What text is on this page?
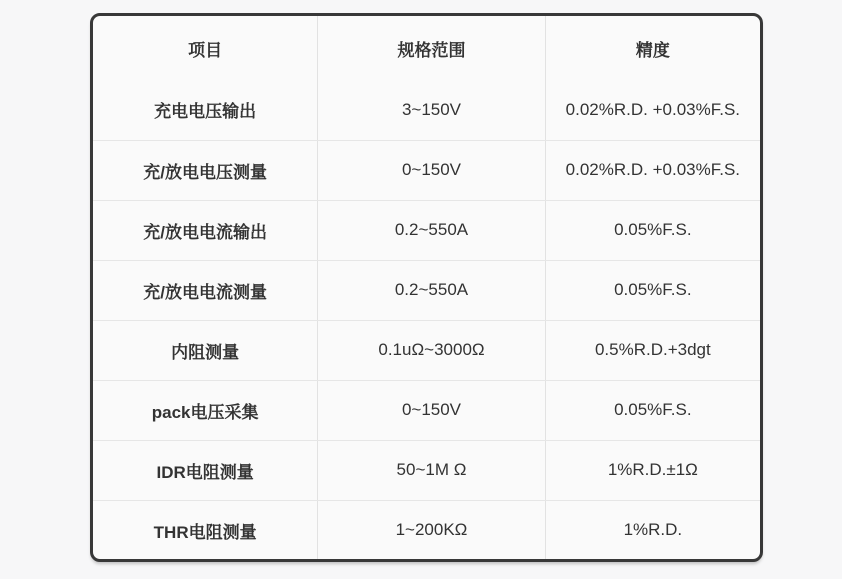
项目	规格范围	精度
充电电压输出	3~150V	0.02%R.D. +0.03%F.S.
充/放电电压测量	0~150V	0.02%R.D. +0.03%F.S.
充/放电电流输出	0.2~550A	0.05%F.S.
充/放电电流测量	0.2~550A	0.05%F.S.
内阻测量	0.1uΩ~3000Ω	0.5%R.D.+3dgt
pack电压采集	0~150V	0.05%F.S.
IDR电阻测量	50~1M Ω	1%R.D.±1Ω
THR电阻测量	1~200KΩ	1%R.D.
